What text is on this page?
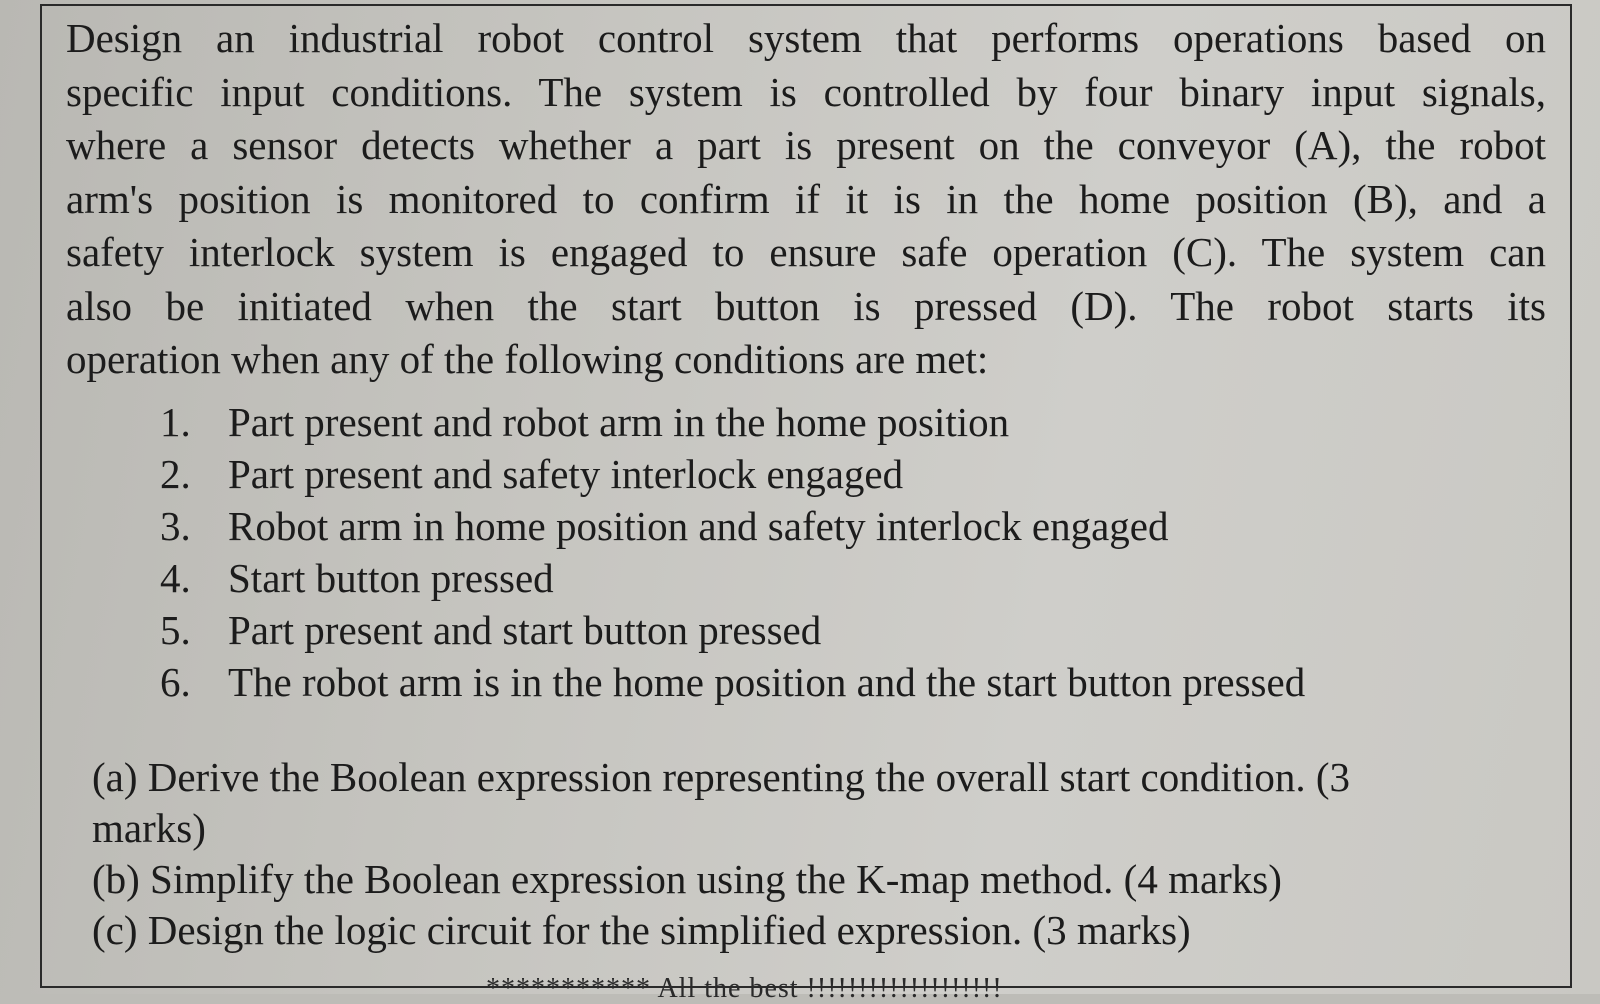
Design an industrial robot control system that performs operations based on
specific input conditions. The system is controlled by four binary input signals,
where a sensor detects whether a part is present on the conveyor (A), the robot
arm's position is monitored to confirm if it is in the home position (B), and a
safety interlock system is engaged to ensure safe operation (C). The system can
also be initiated when the start button is pressed (D). The robot starts its
operation when any of the following conditions are met:
1. Part present and robot arm in the home position
2. Part present and safety interlock engaged
3. Robot arm in home position and safety interlock engaged
4. Start button pressed
5. Part present and start button pressed
6. The robot arm is in the home position and the start button pressed
(a) Derive the Boolean expression representing the overall start condition. (3
marks)
(b) Simplify the Boolean expression using the K-map method. (4 marks)
(c) Design the logic circuit for the simplified expression. (3 marks)
*********** All the best !!!!!!!!!!!!!!!!!!!
